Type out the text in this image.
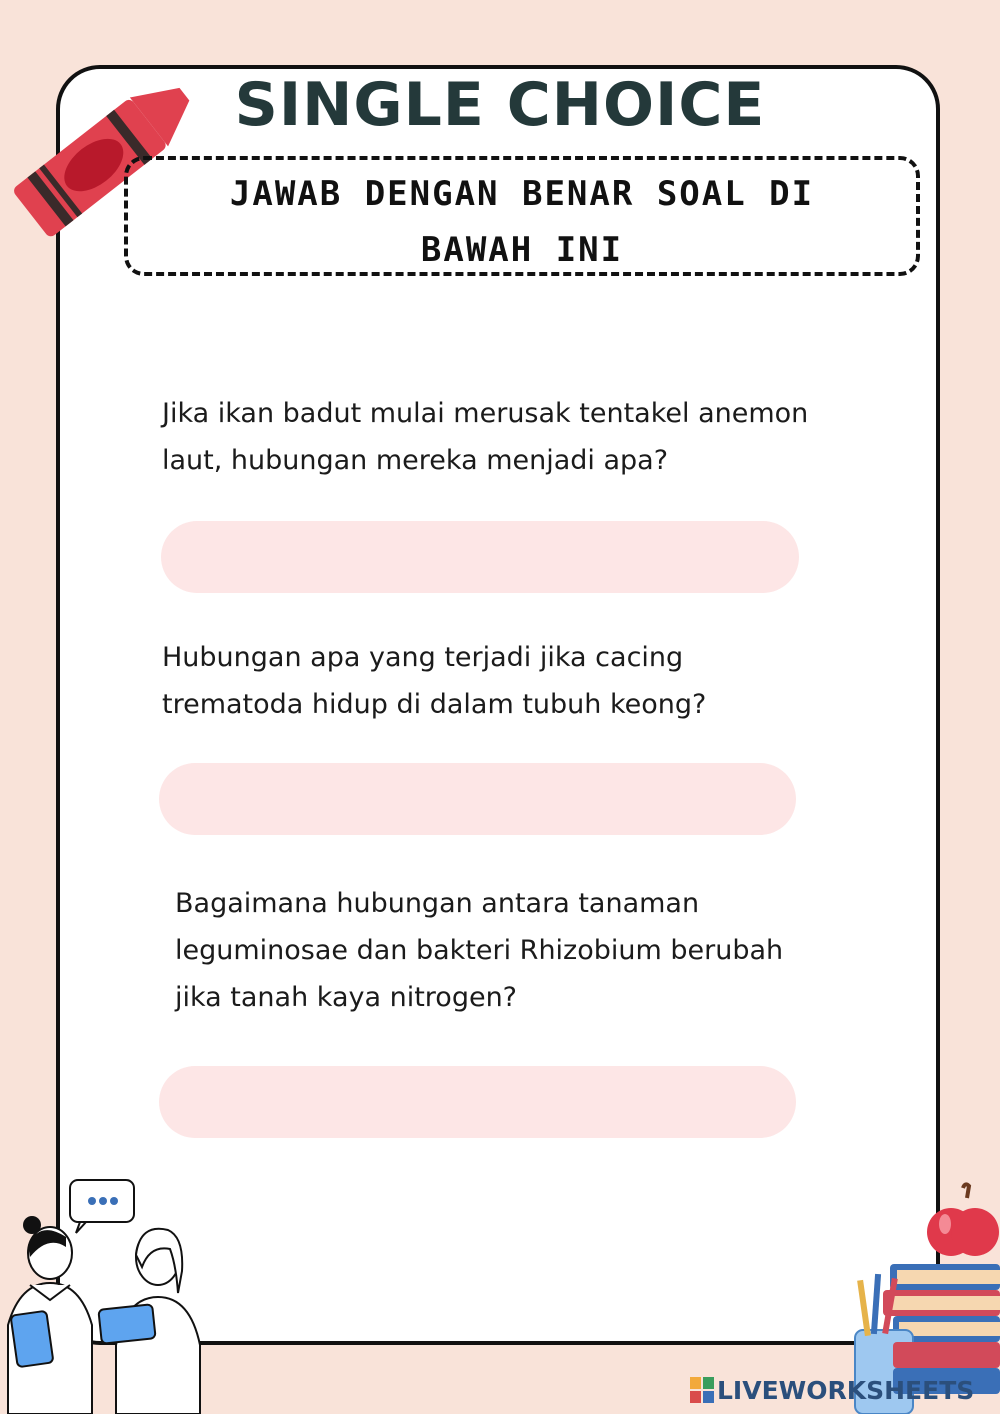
SINGLE CHOICE
JAWAB DENGAN BENAR SOAL DI
BAWAH INI
Jika ikan badut mulai merusak tentakel anemon
laut, hubungan mereka menjadi apa?
Hubungan apa yang terjadi jika cacing
trematoda hidup di dalam tubuh keong?
Bagaimana hubungan antara tanaman
leguminosae dan bakteri Rhizobium berubah
jika tanah kaya nitrogen?
LIVEWORKSHEETS
